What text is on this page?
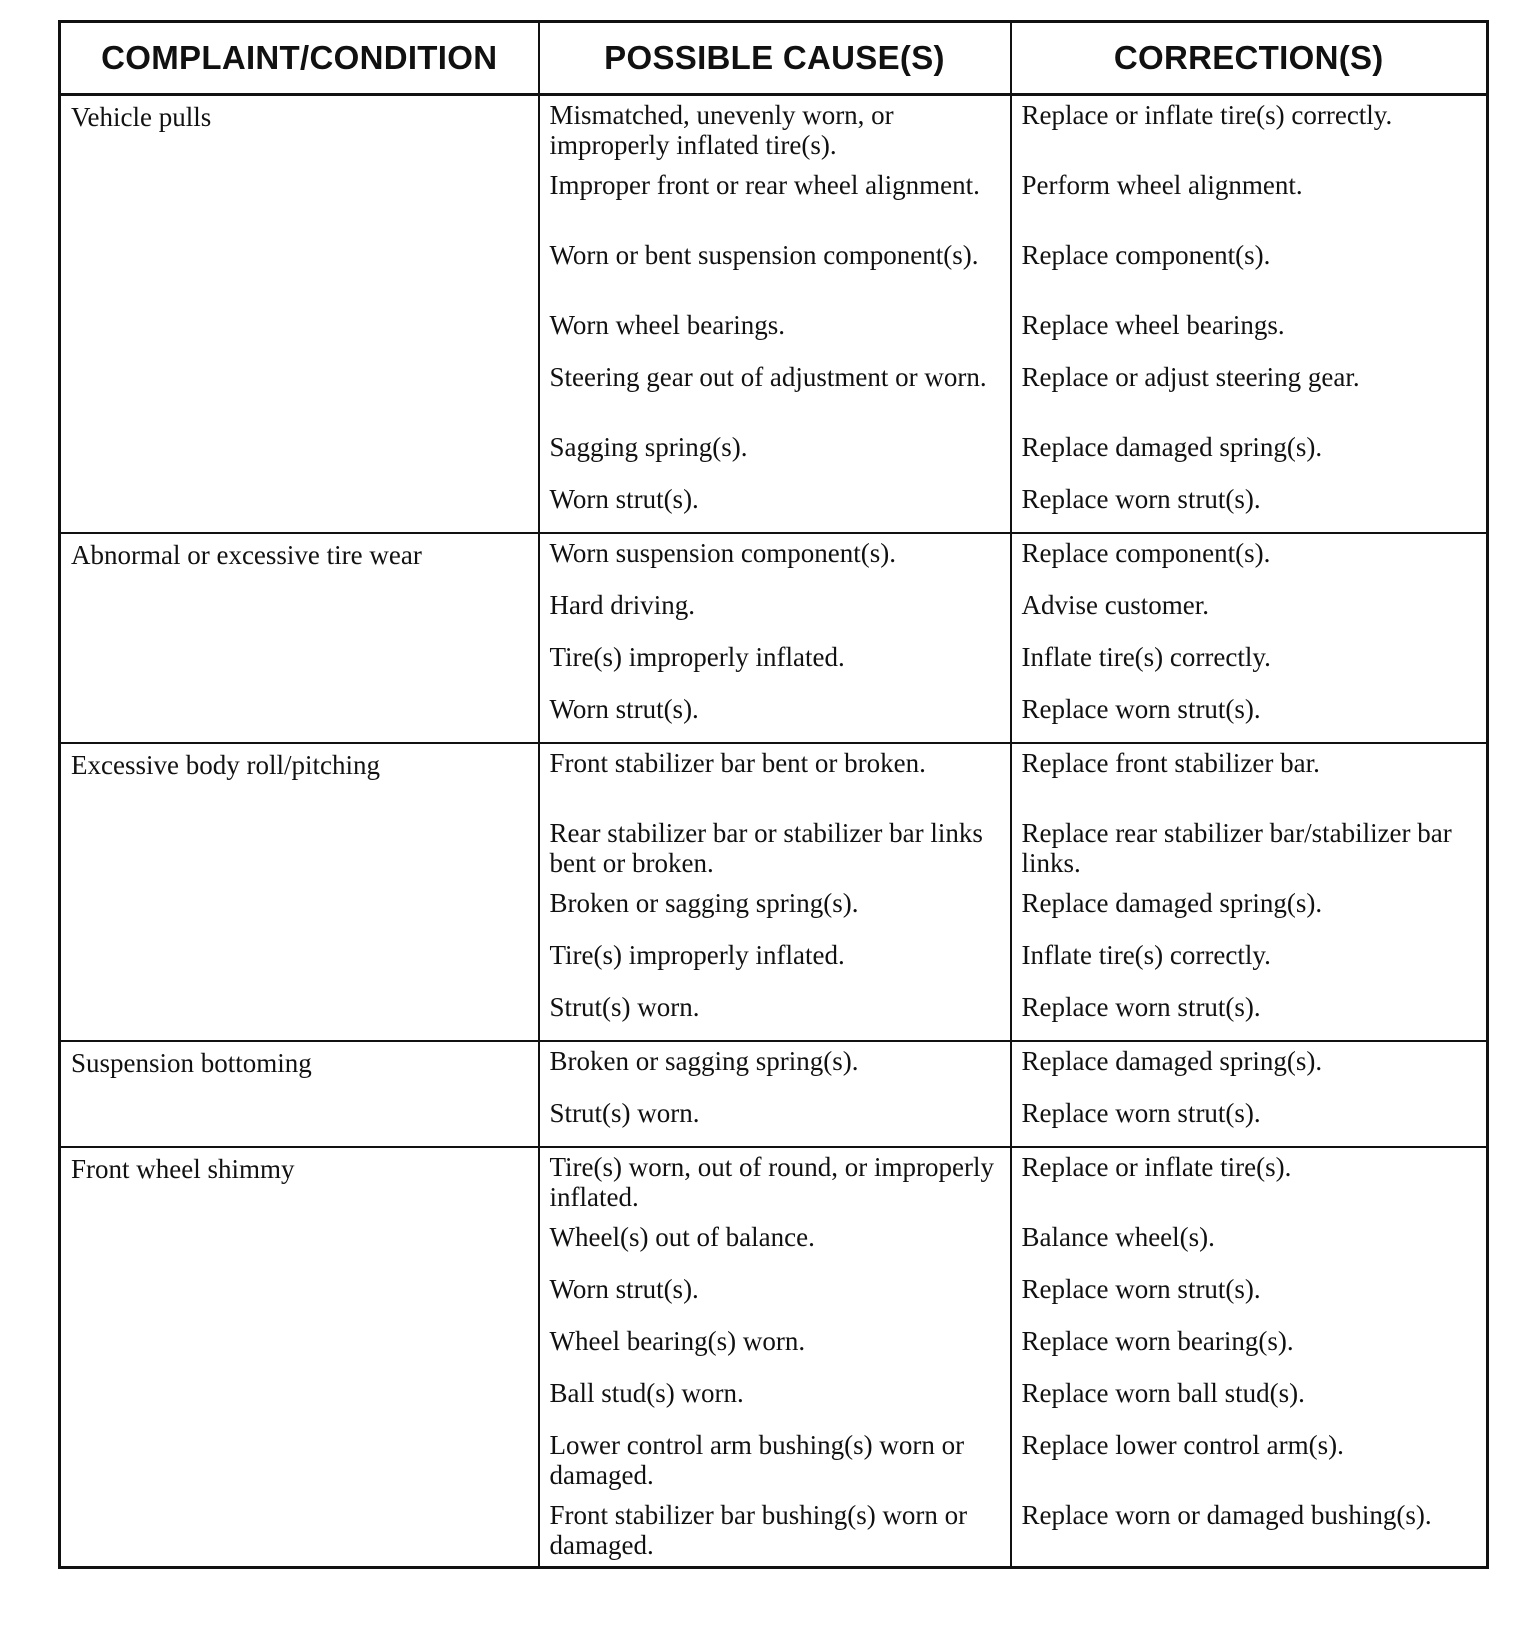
COMPLAINT/CONDITION	POSSIBLE CAUSE(S)	CORRECTION(S)
Vehicle pulls	Mismatched, unevenly worn, or improperly inflated tire(s).	Replace or inflate tire(s) correctly.

	Improper front or rear wheel alignment.	Perform wheel alignment.

	Worn or bent suspension component(s).	Replace component(s).

	Worn wheel bearings.	Replace wheel bearings.

	Steering gear out of adjustment or worn.	Replace or adjust steering gear.

	Sagging spring(s).	Replace damaged spring(s).

	Worn strut(s).	Replace worn strut(s).

Abnormal or excessive tire wear	Worn suspension component(s).	Replace component(s).

	Hard driving.	Advise customer.

	Tire(s) improperly inflated.	Inflate tire(s) correctly.

	Worn strut(s).	Replace worn strut(s).

Excessive body roll/pitching	Front stabilizer bar bent or broken.	Replace front stabilizer bar.

	Rear stabilizer bar or stabilizer bar links bent or broken.	Replace rear stabilizer bar/stabilizer bar links.

	Broken or sagging spring(s).	Replace damaged spring(s).

	Tire(s) improperly inflated.	Inflate tire(s) correctly.

	Strut(s) worn.	Replace worn strut(s).

Suspension bottoming	Broken or sagging spring(s).	Replace damaged spring(s).

	Strut(s) worn.	Replace worn strut(s).

Front wheel shimmy	Tire(s) worn, out of round, or improperly inflated.	Replace or inflate tire(s).

	Wheel(s) out of balance.	Balance wheel(s).

	Worn strut(s).	Replace worn strut(s).

	Wheel bearing(s) worn.	Replace worn bearing(s).

	Ball stud(s) worn.	Replace worn ball stud(s).

	Lower control arm bushing(s) worn or damaged.	Replace lower control arm(s).

	Front stabilizer bar bushing(s) worn or damaged.	Replace worn or damaged bushing(s).
